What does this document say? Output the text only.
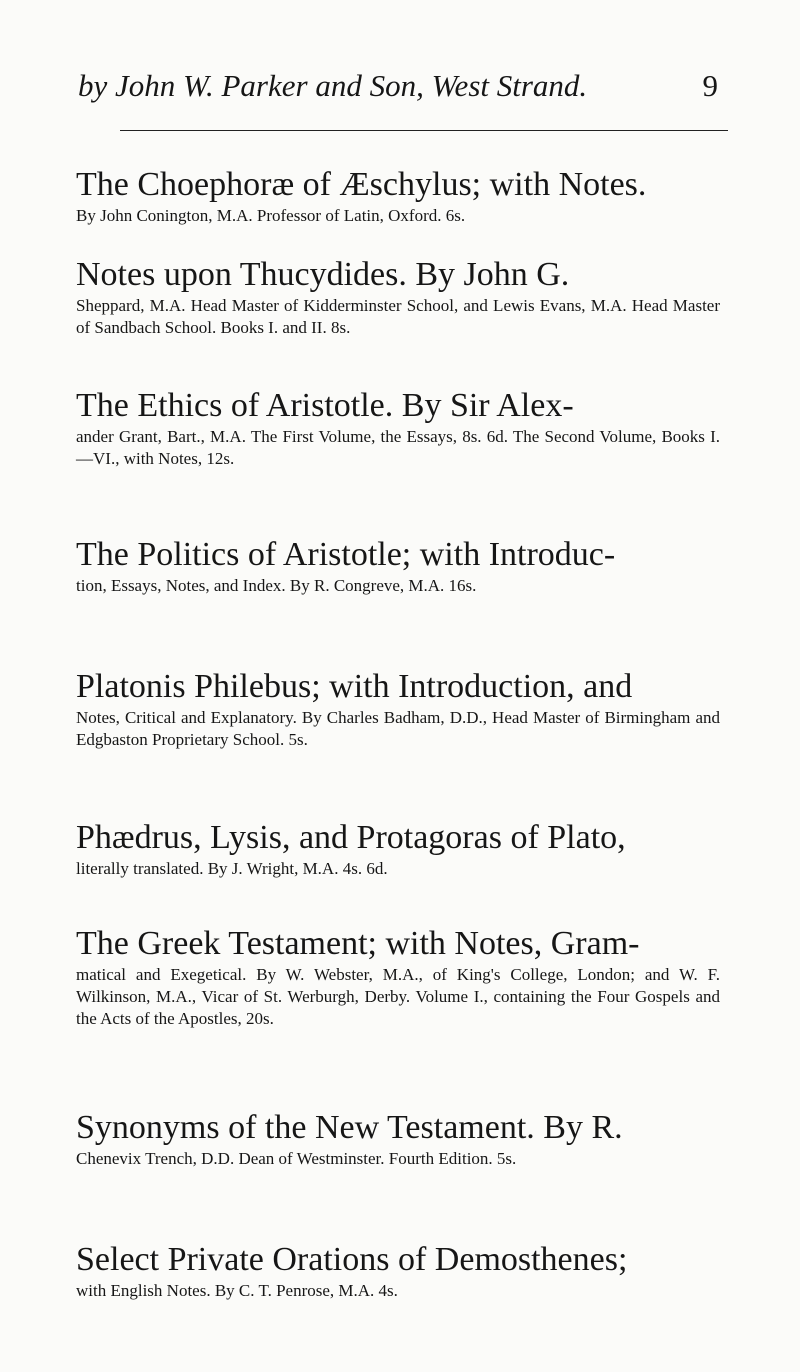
by John W. Parker and Son, West Strand.	9
The Choephoræ of Æschylus; with Notes.
By John Conington, M.A. Professor of Latin, Oxford. 6s.
Notes upon Thucydides. By John G.
Sheppard, M.A. Head Master of Kidderminster School, and Lewis Evans, M.A. Head Master of Sandbach School. Books I. and II. 8s.
The Ethics of Aristotle. By Sir Alex-
ander Grant, Bart., M.A. The First Volume, the Essays, 8s. 6d. The Second Volume, Books I.—VI., with Notes, 12s.
The Politics of Aristotle; with Introduc-
tion, Essays, Notes, and Index. By R. Congreve, M.A. 16s.
Platonis Philebus; with Introduction, and
Notes, Critical and Explanatory. By Charles Badham, D.D., Head Master of Birmingham and Edgbaston Proprietary School. 5s.
Phædrus, Lysis, and Protagoras of Plato,
literally translated. By J. Wright, M.A. 4s. 6d.
The Greek Testament; with Notes, Gram-
matical and Exegetical. By W. Webster, M.A., of King's College, London; and W. F. Wilkinson, M.A., Vicar of St. Werburgh, Derby. Volume I., containing the Four Gospels and the Acts of the Apostles, 20s.
Synonyms of the New Testament. By R.
Chenevix Trench, D.D. Dean of Westminster. Fourth Edition. 5s.
Select Private Orations of Demosthenes;
with English Notes. By C. T. Penrose, M.A. 4s.
